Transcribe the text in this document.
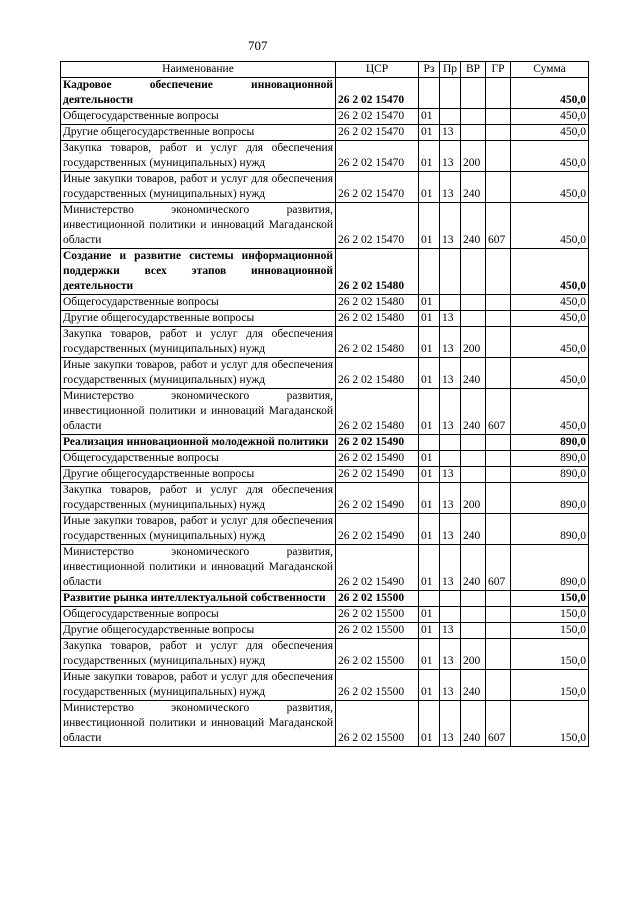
707
Наименование	ЦСР	Рз	Пр	ВР	ГР	Сумма
Кадровое обеспечение инновационной деятельности	26 2 02 15470					450,0
Общегосударственные вопросы	26 2 02 15470	01				450,0
Другие общегосударственные вопросы	26 2 02 15470	01	13			450,0
Закупка товаров, работ и услуг для обеспечения государственных (муниципальных) нужд	26 2 02 15470	01	13	200		450,0
Иные закупки товаров, работ и услуг для обеспечения государственных (муниципальных) нужд	26 2 02 15470	01	13	240		450,0
Министерство экономического развития, инвестиционной политики и инноваций Магаданской области	26 2 02 15470	01	13	240	607	450,0
Создание и развитие системы информационной поддержки всех этапов инновационной деятельности	26 2 02 15480					450,0
Общегосударственные вопросы	26 2 02 15480	01				450,0
Другие общегосударственные вопросы	26 2 02 15480	01	13			450,0
Закупка товаров, работ и услуг для обеспечения государственных (муниципальных) нужд	26 2 02 15480	01	13	200		450,0
Иные закупки товаров, работ и услуг для обеспечения государственных (муниципальных) нужд	26 2 02 15480	01	13	240		450,0
Министерство экономического развития, инвестиционной политики и инноваций Магаданской области	26 2 02 15480	01	13	240	607	450,0
Реализация инновационной молодежной политики	26 2 02 15490					890,0
Общегосударственные вопросы	26 2 02 15490	01				890,0
Другие общегосударственные вопросы	26 2 02 15490	01	13			890,0
Закупка товаров, работ и услуг для обеспечения государственных (муниципальных) нужд	26 2 02 15490	01	13	200		890,0
Иные закупки товаров, работ и услуг для обеспечения государственных (муниципальных) нужд	26 2 02 15490	01	13	240		890,0
Министерство экономического развития, инвестиционной политики и инноваций Магаданской области	26 2 02 15490	01	13	240	607	890,0
Развитие рынка интеллектуальной собственности	26 2 02 15500					150,0
Общегосударственные вопросы	26 2 02 15500	01				150,0
Другие общегосударственные вопросы	26 2 02 15500	01	13			150,0
Закупка товаров, работ и услуг для обеспечения государственных (муниципальных) нужд	26 2 02 15500	01	13	200		150,0
Иные закупки товаров, работ и услуг для обеспечения государственных (муниципальных) нужд	26 2 02 15500	01	13	240		150,0
Министерство экономического развития, инвестиционной политики и инноваций Магаданской области	26 2 02 15500	01	13	240	607	150,0
